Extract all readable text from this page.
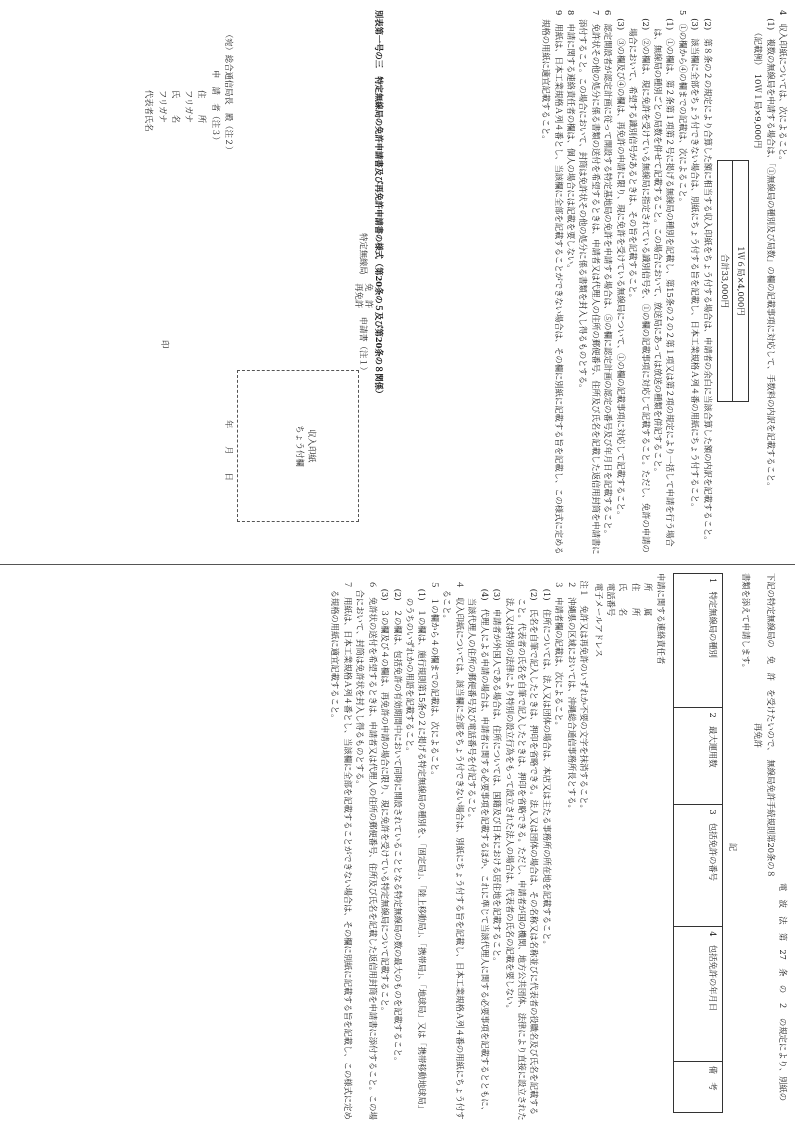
4　収入印紙については、次によること。

(1)　複数の無線局を申請する場合は、「①無線局の種別及び局数」の欄の記載事項に対応して、手数料の内訳を記載すること。

（記載例）　10Ｗ１局×9,000円

1Ｗ６局×4,000円
合計33,000円

(2)　第８条の２の規定により合算した額に相当する収入印紙をちょう付する場合は、申請者の余白に当該合算した額の内訳を記載すること。

(3)　該当欄に全部をちょう付できない場合は、別紙にちょう付する旨を記載し、日本工業規格Ａ列４番の用紙にちょう付すること。

5　①の欄から④の欄までの記載は、次によること。

(1)　①の欄は、第２条第１項第２号に掲げる無線局の種別を記載し、第15条の２の２第１項又は第２項の規定により一括して申請を行う場合は、無線局の種別ごとの局数を併せて記載すること。この場合において、放送局にあっては放送の種類を併記すること。

(2)　②の欄は、現に免許を受けている無線局に指定されている識別信号を、①の欄の記載事項に対応して記載すること。ただし、免許の申請の場合において、希望する識別信号があるときは、その旨を記載すること。

(3)　③の欄及び④の欄は、再免許の申請に限り、現に免許を受けている無線局について、①の欄の記載事項に対応して記載すること。

6　認定開設者が認定計画に従って開設する特定基地局の免許を申請する場合は、⑤の欄に認定計画の認定の番号及び年月日を記載すること。

7　免許状その他の処分に係る書類の送付を希望するときは、申請者又は代理人の住所の郵便番号、住所及び氏名を記載した返信用封筒を申請書に添付すること。この場合において、封筒は免許状その他の処分に係る書類を封入し得るものとする。

8　申請に関する連絡責任者の欄は、個人の場合には記載を要しない。

9　用紙は、日本工業規格Ａ列４番とし、当該欄に全部を記載することができない場合は、その欄に別紙に記載する旨を記載し、この様式に定める規格の用紙に適宜記載すること。

別表第一号の三　特定無線局の免許申請書及び再免許申請書の様式（第20条の５及び第20条の８関係）

特定無線局 免　許
再免許 申請書（注１）

収入印紙
ちょう付欄
年月日
（宛）総合通信局長　殿（注２）
申　請　者（注３）
住　　所
フリガナ
氏　　名
フリガナ
代表者氏名
印

電　波　法　第　27　条　の　２　の規定により、別紙の

下記の特定無線局の　免　許　を受けたいので、　無線局免許手続規則第20条の８

再免許

書類を添えて申請します。

記

1　特定無線局の種別	2　最大運用数	3　包括免許の番号	4　包括免許の年月日	備　考

申請に関する連絡責任者

所　　属

住　　所

氏　　名

電話番号

電子メールアドレス

注１　免許又は再免許のいずれか不要の文字を抹消すること。

２　沖縄県の区域においては、沖縄総合通信事務所長とする。

３　申請者欄の記載は、次によること。

(1)　住所については、法人又は団体の場合は、本店又は主たる事務所の所在地を記載すること。

(2)　氏名を自筆で記入したときは、押印を省略できる。法人又は団体の場合は、その名称又は名称並びに代表者の役職名及び氏名を記載すること。代表者の氏名を自筆で記入したときは、押印を省略できる。ただし、申請者が国の機関、地方公共団体、法律により直接に設立された法人又は特別の法律により特別の設立行為をもって設立された法人の場合は、代表者の氏名の記載を要しない。

(3)　申請者が外国人である場合は、住所については、国籍及び日本における居住地を記載すること。

(4)　代理人による申請の場合は、申請者に関する必要事項を記載するほか、これに準じて当該代理人に関する必要事項を記載するとともに、当該代理人の住所の郵便番号及び電話番号を付記すること。

４　収入印紙については、該当欄に全部をちょう付できない場合は、別紙にちょう付する旨を記載し、日本工業規格Ａ列４番の用紙にちょう付すること。

５　１の欄から４の欄までの記載は、次によること。

(1)　１の欄は、施行規則第15条の２に掲げる特定無線局の種別を、「固定局」、「陸上移動局」、「携帯局」、「地球局」又は「携帯移動地球局」のうちのいずれかの用語を記載すること。

(2)　２の欄は、包括免許の有効期間中において同時に開設されていることとなる特定無線局の数の最大のものを記載すること。

(3)　３の欄及び４の欄は、再免許の申請の場合に限り、現に免許を受けている特定無線局について記載すること。

６　免許状の送付を希望するときは、申請者又は代理人の住所の郵便番号、住所及び氏名を記載した返信用封筒を申請書に添付すること。この場合において、封筒は免許状を封入し得るものとする。

７　用紙は、日本工業規格Ａ列４番とし、当該欄に全部を記載することができない場合は、その欄に別紙に記載する旨を記載し、この様式に定める規格の用紙に適宜記載すること。
